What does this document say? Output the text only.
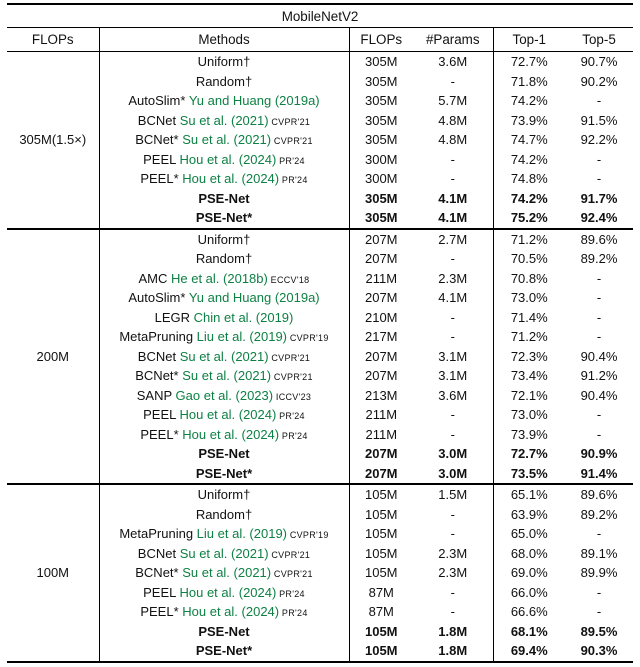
MobileNetV2					
FLOPs	Methods	FLOPs	#Params	Top-1	Top-5
305M(1.5×)	Uniform†	305M	3.6M	72.7%	90.7%
	Random†	305M	-	71.8%	90.2%
	AutoSlim* Yu and Huang (2019a)	305M	5.7M	74.2%	-
	BCNet Su et al. (2021) CVPR'21	305M	4.8M	73.9%	91.5%
	BCNet* Su et al. (2021) CVPR'21	305M	4.8M	74.7%	92.2%
	PEEL Hou et al. (2024) PR'24	300M	-	74.2%	-
	PEEL* Hou et al. (2024) PR'24	300M	-	74.8%	-
	PSE-Net	305M	4.1M	74.2%	91.7%
	PSE-Net*	305M	4.1M	75.2%	92.4%
200M	Uniform†	207M	2.7M	71.2%	89.6%
	Random†	207M	-	70.5%	89.2%
	AMC He et al. (2018b) ECCV'18	211M	2.3M	70.8%	-
	AutoSlim* Yu and Huang (2019a)	207M	4.1M	73.0%	-
	LEGR Chin et al. (2019)	210M	-	71.4%	-
	MetaPruning Liu et al. (2019) CVPR'19	217M	-	71.2%	-
	BCNet Su et al. (2021) CVPR'21	207M	3.1M	72.3%	90.4%
	BCNet* Su et al. (2021) CVPR'21	207M	3.1M	73.4%	91.2%
	SANP Gao et al. (2023) ICCV'23	213M	3.6M	72.1%	90.4%
	PEEL Hou et al. (2024) PR'24	211M	-	73.0%	-
	PEEL* Hou et al. (2024) PR'24	211M	-	73.9%	-
	PSE-Net	207M	3.0M	72.7%	90.9%
	PSE-Net*	207M	3.0M	73.5%	91.4%
100M	Uniform†	105M	1.5M	65.1%	89.6%
	Random†	105M	-	63.9%	89.2%
	MetaPruning Liu et al. (2019) CVPR'19	105M	-	65.0%	-
	BCNet Su et al. (2021) CVPR'21	105M	2.3M	68.0%	89.1%
	BCNet* Su et al. (2021) CVPR'21	105M	2.3M	69.0%	89.9%
	PEEL Hou et al. (2024) PR'24	87M	-	66.0%	-
	PEEL* Hou et al. (2024) PR'24	87M	-	66.6%	-
	PSE-Net	105M	1.8M	68.1%	89.5%
	PSE-Net*	105M	1.8M	69.4%	90.3%
